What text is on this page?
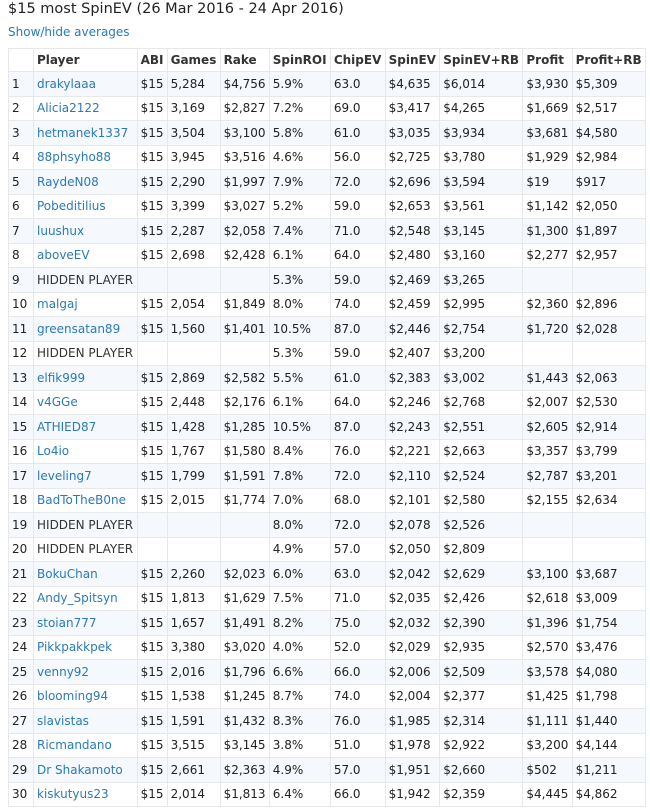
$15 most SpinEV (26 Mar 2016 - 24 Apr 2016)
Show/hide averages
	Player	ABI	Games	Rake	SpinROI	ChipEV	SpinEV	SpinEV+RB	Profit	Profit+RB
1	drakylaaa	$15	5,284	$4,756	5.9%	63.0	$4,635	$6,014	$3,930	$5,309
2	Alicia2122	$15	3,169	$2,827	7.2%	69.0	$3,417	$4,265	$1,669	$2,517
3	hetmanek1337	$15	3,504	$3,100	5.8%	61.0	$3,035	$3,934	$3,681	$4,580
4	88phsyho88	$15	3,945	$3,516	4.6%	56.0	$2,725	$3,780	$1,929	$2,984
5	RaydeN08	$15	2,290	$1,997	7.9%	72.0	$2,696	$3,594	$19	$917
6	Pobeditilius	$15	3,399	$3,027	5.2%	59.0	$2,653	$3,561	$1,142	$2,050
7	luushux	$15	2,287	$2,058	7.4%	71.0	$2,548	$3,145	$1,300	$1,897
8	aboveEV	$15	2,698	$2,428	6.1%	64.0	$2,480	$3,160	$2,277	$2,957
9	HIDDEN PLAYER				5.3%	59.0	$2,469	$3,265		
10	malgaj	$15	2,054	$1,849	8.0%	74.0	$2,459	$2,995	$2,360	$2,896
11	greensatan89	$15	1,560	$1,401	10.5%	87.0	$2,446	$2,754	$1,720	$2,028
12	HIDDEN PLAYER				5.3%	59.0	$2,407	$3,200		
13	elfik999	$15	2,869	$2,582	5.5%	61.0	$2,383	$3,002	$1,443	$2,063
14	v4GGe	$15	2,448	$2,176	6.1%	64.0	$2,246	$2,768	$2,007	$2,530
15	ATHIED87	$15	1,428	$1,285	10.5%	87.0	$2,243	$2,551	$2,605	$2,914
16	Lo4io	$15	1,767	$1,580	8.4%	76.0	$2,221	$2,663	$3,357	$3,799
17	leveling7	$15	1,799	$1,591	7.8%	72.0	$2,110	$2,524	$2,787	$3,201
18	BadToTheB0ne	$15	2,015	$1,774	7.0%	68.0	$2,101	$2,580	$2,155	$2,634
19	HIDDEN PLAYER				8.0%	72.0	$2,078	$2,526		
20	HIDDEN PLAYER				4.9%	57.0	$2,050	$2,809		
21	BokuChan	$15	2,260	$2,023	6.0%	63.0	$2,042	$2,629	$3,100	$3,687
22	Andy_Spitsyn	$15	1,813	$1,629	7.5%	71.0	$2,035	$2,426	$2,618	$3,009
23	stoian777	$15	1,657	$1,491	8.2%	75.0	$2,032	$2,390	$1,396	$1,754
24	Pikkpakkpek	$15	3,380	$3,020	4.0%	52.0	$2,029	$2,935	$2,570	$3,476
25	venny92	$15	2,016	$1,796	6.6%	66.0	$2,006	$2,509	$3,578	$4,080
26	blooming94	$15	1,538	$1,245	8.7%	74.0	$2,004	$2,377	$1,425	$1,798
27	slavistas	$15	1,591	$1,432	8.3%	76.0	$1,985	$2,314	$1,111	$1,440
28	Ricmandano	$15	3,515	$3,145	3.8%	51.0	$1,978	$2,922	$3,200	$4,144
29	Dr Shakamoto	$15	2,661	$2,363	4.9%	57.0	$1,951	$2,660	$502	$1,211
30	kiskutyus23	$15	2,014	$1,813	6.4%	66.0	$1,942	$2,359	$4,445	$4,862
